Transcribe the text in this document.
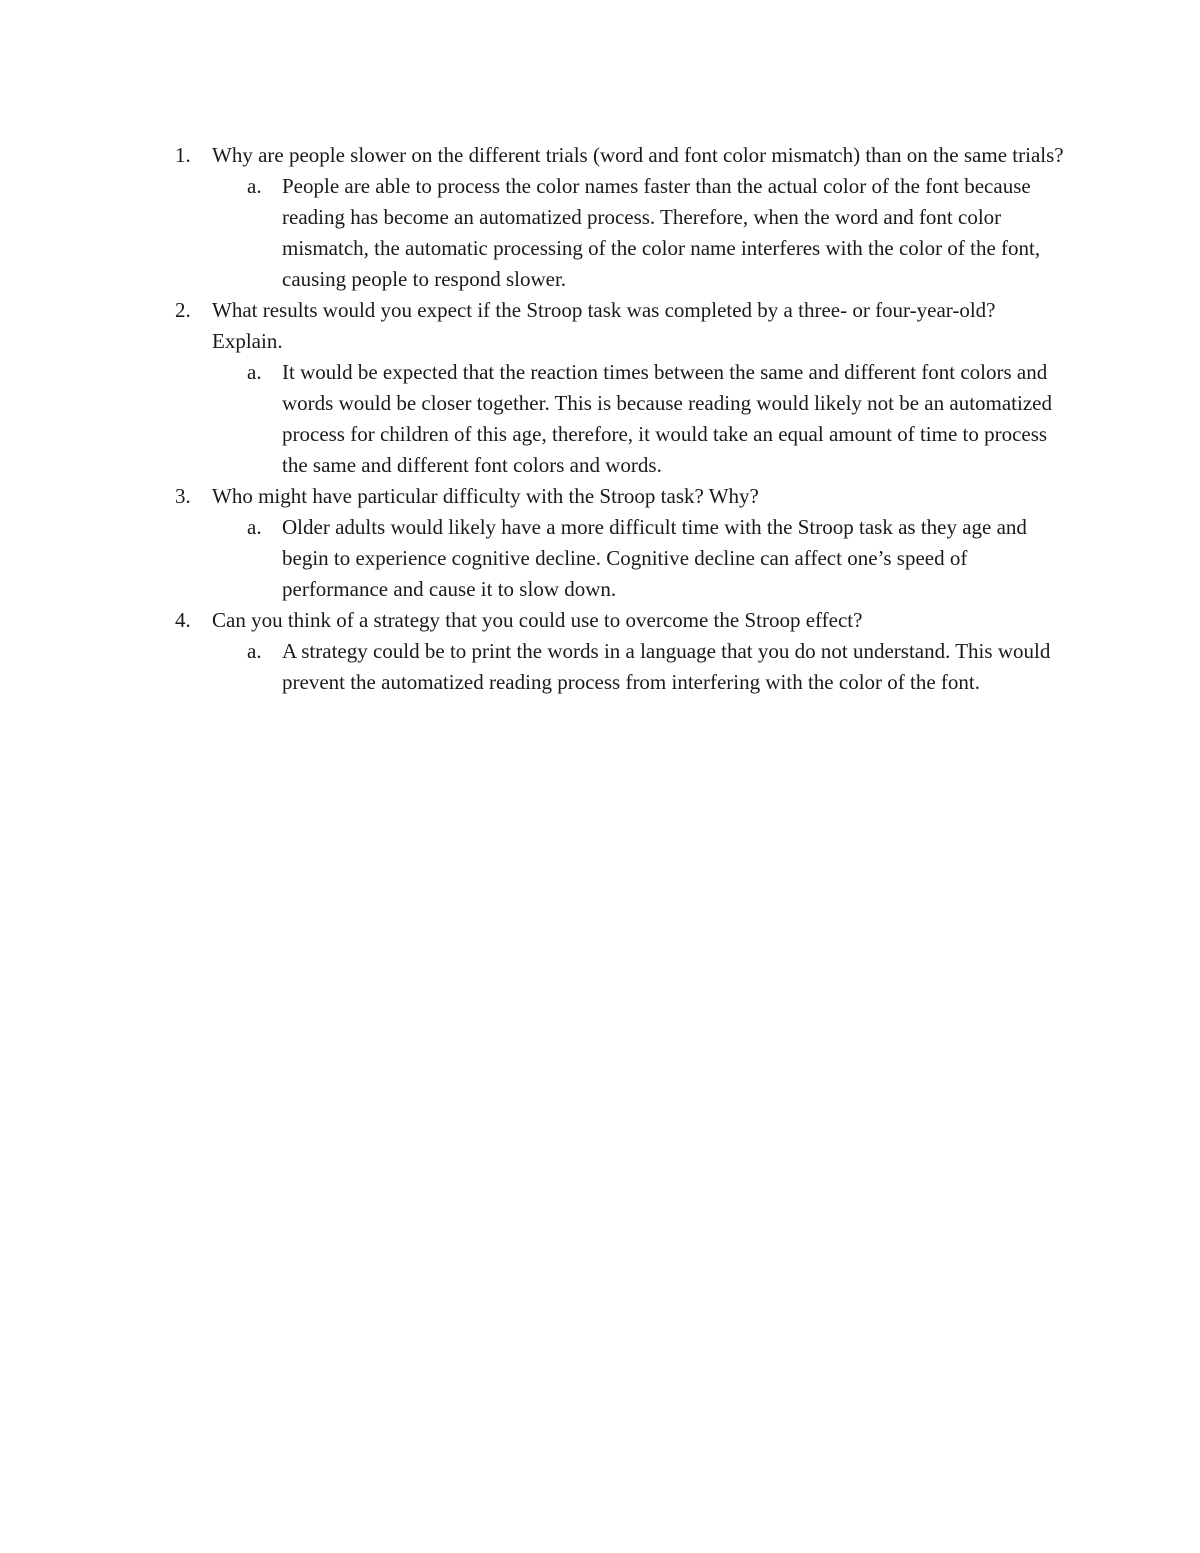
1.	Why are people slower on the different trials (word and font color mismatch) than on the same trials?
a. People are able to process the color names faster than the actual color of the font because reading has become an automatized process. Therefore, when the word and font color mismatch, the automatic processing of the color name interferes with the color of the font, causing people to respond slower.
2.	What results would you expect if the Stroop task was completed by a three- or four-year-old? Explain.
a. It would be expected that the reaction times between the same and different font colors and words would be closer together. This is because reading would likely not be an automatized process for children of this age, therefore, it would take an equal amount of time to process the same and different font colors and words.
3.	Who might have particular difficulty with the Stroop task? Why?
a. Older adults would likely have a more difficult time with the Stroop task as they age and begin to experience cognitive decline. Cognitive decline can affect one’s speed of performance and cause it to slow down.
4.	Can you think of a strategy that you could use to overcome the Stroop effect?
a. A strategy could be to print the words in a language that you do not understand. This would prevent the automatized reading process from interfering with the color of the font.
